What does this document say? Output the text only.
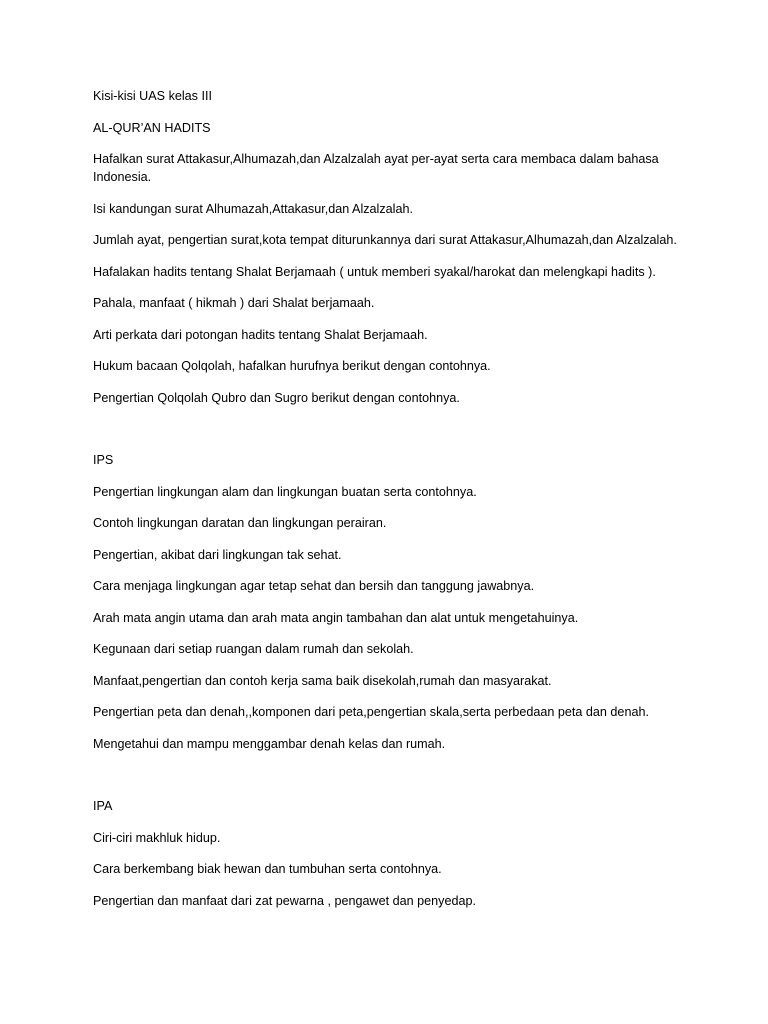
Kisi-kisi UAS kelas III

AL-QUR’AN HADITS

Hafalkan surat Attakasur,Alhumazah,dan Alzalzalah ayat per-ayat serta cara membaca dalam bahasa Indonesia.

Isi kandungan surat Alhumazah,Attakasur,dan Alzalzalah.

Jumlah ayat, pengertian surat,kota tempat diturunkannya dari surat Attakasur,Alhumazah,dan Alzalzalah.

Hafalakan hadits tentang Shalat Berjamaah ( untuk memberi syakal/harokat dan melengkapi hadits ).

Pahala, manfaat ( hikmah ) dari Shalat berjamaah.

Arti perkata dari potongan hadits tentang Shalat Berjamaah.

Hukum bacaan Qolqolah, hafalkan hurufnya berikut dengan contohnya.

Pengertian Qolqolah Qubro dan Sugro berikut dengan contohnya.

IPS

Pengertian lingkungan alam dan lingkungan buatan serta contohnya.

Contoh lingkungan daratan dan lingkungan perairan.

Pengertian, akibat dari lingkungan tak sehat.

Cara menjaga lingkungan agar tetap sehat dan bersih dan tanggung jawabnya.

Arah mata angin utama dan arah mata angin tambahan dan alat untuk mengetahuinya.

Kegunaan dari setiap ruangan dalam rumah dan sekolah.

Manfaat,pengertian dan contoh kerja sama baik disekolah,rumah dan masyarakat.

Pengertian peta dan denah,,komponen dari peta,pengertian skala,serta perbedaan peta dan denah.

Mengetahui dan mampu menggambar denah kelas dan rumah.

IPA

Ciri-ciri makhluk hidup.

Cara berkembang biak hewan dan tumbuhan serta contohnya.

Pengertian dan manfaat dari zat pewarna , pengawet dan penyedap.
